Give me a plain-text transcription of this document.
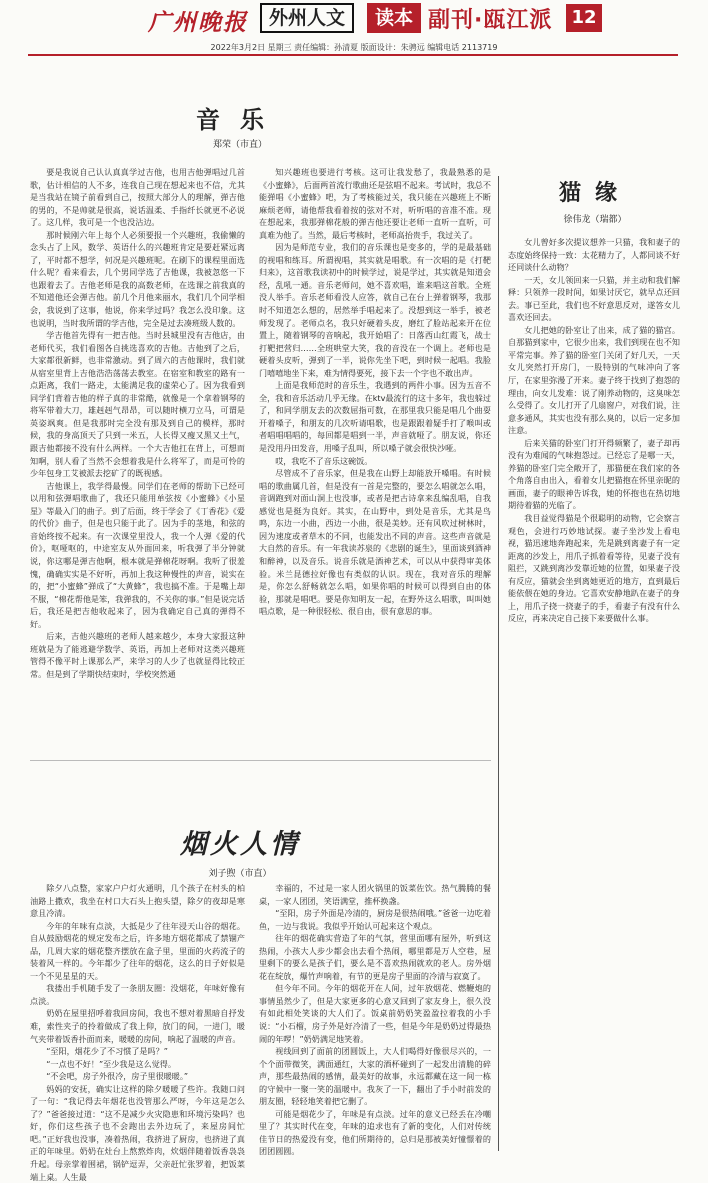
广州晚报	外州人文	读本 副刊·瓯江派	12
2022年3月2日 星期三 责任编辑：孙清夏 版面设计：朱骋远 编辑电话 2113719
音乐
郑荣（市直）

要是我说自己认认真真学过吉他，也用吉他弹唱过几首歌，估计相信的人不多，连我自己现在想起来也不信，尤其是当我站在镜子前看到自己，按照大部分人的理解，弹吉他的男的，不是帅就是很高，说话温柔、手指纤长就更不必说了。这几样，我可是一个也没沾边。

那时候刚六年上每个人必须要报一个兴趣班，我偷懒的念头占了上风，数学、英语什么的兴趣班肯定是要赶紧远离了，平时都不想学，何况是兴趣班呢。在刷下的课程里面选什么呢？看来看去，几个男同学选了吉他课，我被忽悠一下也跟着去了。吉他老师是我的高数老师，在选课之前我真的不知道他还会弹吉他。前几个月他来丽水，我们几个同学相会，我说到了这事，他说，你来学过吗？我怎么没印象。这也说明，当时我所谓的学吉他，完全是过去凑班级人数的。

学吉他首先得有一把吉他。当时县城里没有吉他店，由老师代买，我们看图各自挑选喜欢的吉他。吉他到了之后，大家都很新鲜，也非常激动。到了周六的吉他课时，我们就从宿室里背上吉他浩浩荡荡去教室。在宿室和教室的路有一点距离，我们一路走，太能满足我的虚荣心了。因为我看到同学们背着吉他的样子真的非常酷，就像是一个拿着钢琴的将军带着大刀，雄赳赳气昂昂，可以随时横刀立马，可谓是英姿飒爽。但是我那时完全没有那及到自己的模样，那时候，我的身高顶天了只到一米五，人长得又瘦又黑又土气，跟吉他都接不没有什么两样。一个大吉他扛在背上，可想而知啊，别人看了当然不会想着我是什么将军了，而是可怜的少年包身工艾被派去挖矿了的既视感。

吉他课上，我学得最慢。同学们在老师的帮助下已经可以用和弦弹唱歌曲了，我还只能用单弦按《小蜜蜂》《小星星》等最入门的曲子。到了后面，终于学会了《丁香花》《爱的代价》曲子，但是也只能于此了。因为手的茎地，和弦的音始终按不起来。有一次课堂里没人，我一个人弹《爱的代价》，呕哑呕的，中途室友从外面回来，听我弹了半分钟就说，你这哪是弹吉他啊，根本就是弹棉花呀啊。我听了很羞愧，确确实实是不好听，再加上我这种慢性的声音，说实在的，把“小蜜蜂”弹成了“大黄蜂”，我也搞不准。于是嘴上却不服，“棉花帮他是笨，我弹我的，不关你的事。”但是说完话后，我还是把吉他收起来了，因为我确定自己真的弹得不好。

后来，吉他兴趣班的老师人越来越少，本身大家报这种班就是为了能逃避学数学、英语，再加上老师对这类兴趣班管得不像平时上课那么严，来学习的人少了也就显得比较正常。但是到了学期快结束时，学校突然通

知兴趣班也要进行考核。这可让我发愁了，我最熟悉的是《小蜜蜂》，后面两首流行歌曲还是弦唱不起来。考试时，我总不能弹唱《小蜜蜂》吧，为了考核能过关，我只能在兴趣班上不断麻烦老师，请他帮我看着按的弦对不对，听听唱的音准不准。现在想起来，我那弹棉花般的弹吉他还要让老师一直听一直听，可真难为他了。当然，最后考核时，老师高抬贵手，我过关了。

因为是师范专业，我们的音乐课也是变多的，学的是最基础的视唱和练耳。所谓视唱，其实就是唱歌。有一次唱的是《打靶归来》，这首歌我读初中的时候学过，说是学过，其实就是知道会经，乱吼一通。音乐老师问，她不喜欢唱，谁来唱这首歌。全班没人举手。音乐老师看没人应答，就自己在台上弹着钢琴，我那时不知道怎么想的，居然举手唱起来了。没想到这一举手，被老师发现了。老师点名，我只好硬着头皮，磨红了脸站起来开在位置上，随着钢琴的音响起，我开始唱了：日落西山红霞飞，战士打靶把营归……全班哄堂大笑，我的音没在一个调上。老师也是硬着头皮听，弹到了一半，说你先坐下吧，到时候一起唱。我脸门嘻嘻地坐下来，难为情得要死，接下去一个字也不敢出声。

上面是我师范时的音乐生，我遇到的两件小事。因为五音不全，我和音乐活动几乎无缘。在ktv最流行的这十多年，我也躲过了，和同学朋友去的次数屈指可数，在那里我只能是唱几个曲耍开着嗓子，和朋友的几次听请唱歌，也是跟跟着疑手打了喉叫或者唱唱唱唱的，每回都是唱到一半，声音就哑了。朋友说，你还是没用丹田发音，用嗓子乱叫，所以嗓子就会很快沙哑。

哎，我吃不了音乐这碗饭。

尽管成不了音乐家，但是我在山野上却能放开嗓唱。有时候唱的歌曲属几首，但是没有一首是完整的，要怎么唱就怎么唱，音调跑到对面山洞上也没事，或者是把古诗拿来乱编乱唱，自我感觉也是挺为良好。其实，在山野中，到处是音乐，尤其是鸟鸣，东边一小曲，西边一小曲，很是美妙。还有风吹过树林时，因为速度或者草木的不同，也能发出不同的声音。这些声音就是大自然的音乐。有一年我读苏泉的《悲剧的诞生》，里面谈到酒神和醉神，以及音乐。说音乐就是酒神艺术，可以从中获得审美体验。米兰昆德拉好像也有类似的认识。现在，我对音乐的理解是，你怎么舒畅就怎么唱，如果你唱的时候可以得到自由的体验，那就是唱吧。要是你知明友一起，在野外这么唱歌，叫叫她唱点歌，是一种很轻松、很自由，很有意思的事。

烟火人情
刘子煦（市直）

除夕八点整，家家户户灯火通明，几个孩子在村头的柏油路上撒欢，我坐在村口大石头上抱头望，除夕的夜却是寒意且冷清。

今年的年味有点淡，大抵是少了往年浸天山谷的烟花。自从鼓励烟花的规定发布之后，许多地方烟花都成了禁锢产品，几周大家的烟花整齐摆放在盒子里，里面的火药流子的装着风一样的。今年都少了往年的烟花，这么的日子好似是一个不见星星的天。

我搂出手机随手发了一条朋友圈：没烟花，年味好像有点淡。

奶奶在屋里招呼着我回房间，我也不想对着黑暗自抒发难，索性夹子的拎着做成了我上仰，放门的间，一进门，暖气夹带着饭香扑面而来，暖暖的房间，响起了温暖的声音。

“至阳，烟花少了不习惯了是吗？”

“一点也不好！”至少我是这么觉得。

“不会吧，房子外很冷，房子里很暖暖。”

妈妈的安抚，确实让这样的除夕暖暖了些许。我随口问了一句：“我记得去年烟花也没管那么严呀，今年这是怎么了？”爸爸接过道：“这不是减少火灾隐患和环境污染吗？也好，你们这些孩子也不会跑出去外边玩了，来屋房间忙吧。”正好我也没事，凑着热闹，我挤进了厨房，也挤进了真正的年味里。奶奶在灶台上熬熬炸肉，炊烟伴随着饭香袅袅升起。母亲掌着围裙，锅铲逗弄，父亲赶忙张罗着，把饭菜端上桌。人生最

幸福的，不过是一家人团火锅里的饭菜佐饮。热气腾腾的餐桌，一家人团团，笑语满堂，推杯换盏。

“至阳，房子外面是冷清的，厨房是很热闹哦。”爸爸一边吃着鱼，一边与我说。我似乎开始认可起来这个观点。

往年的烟花确实营造了年的气氛，营里面哪有屋外，听到这热闹，小孩大人步少都会出去看个热闹，哪里都是万人空巷，屋里剩下的要么是孩子们，要么是不喜欢热闹就欢的老人。房外烟花在绽放，爆竹声响着，有节的更是房子里面的冷清与寂寞了。

但今年不同。今年的烟花开在人间，过年放烟花、燃鞭炮的事情虽然少了，但是大家更多的心意又回到了家友身上，很久没有如此相处笑谈的大人们了。饭桌前奶奶笑盈盈拉着我的小手说：“小石榴，房子外是好冷清了一些，但是今年是奶奶过得最热闹的年啰！”奶奶满足地笑着。

视线回到了面前的团圆饭上，大人们喝得好像很尽兴的，一个个面带微笑，满面通红，大家的酒杯碰到了一起发出清脆的碎声，那些最热闹的感情，最美好的故事，永远都藏在这一间一栋的守候中一聚一笑的温暖中。我灰了一下，翻出了手小时前发的朋友圈，轻轻地笑着把它删了。

可能是烟花少了，年味是有点淡。过年的意义已经丢在冷嘲里了？其实时代在变，年味的追求也有了新的变化，人们对传统佳节日的热爱没有变，他们所期待的，总归是那被美好憧憬着的团团圆圆。

猫缘
徐伟龙（瑞都）

女儿曾好多次提议想养一只猫，我和妻子的态度始终保持一致：太花精力了，人都同谈不好还同谈什么动物？

一天，女儿领回来一只猫，并主动和我们解释：只领养一段时间，如果讨厌它，就早点还回去。事已至此，我们也不好意思反对，遂答女儿喜欢还回去。

女儿把她的卧室让了出来，成了猫的猫宫。自那猫到家中，它很少出来，我们到现在也不知平常完事。养了猫的卧室门关闭了好几天，一天女儿突然打开房门，一股特别的气味冲向了客厅，在家里弥漫了开来。妻子终于找到了抱怨的理由，向女儿发难：说了刚养动物的，这臭味怎么受得了。女儿打开了几扇窗户，对我们说，注意多通风，其实也没有那么臭的，以后一定多加注意。

后来关猫的卧室门打开得频繁了，妻子却再没有为难闻的气味抱怨过。已经忘了是哪一天，养猫的卧室门完全敞开了，那猫便在我们家的各个角落自由出入，看着女儿把猫抱在怀里亲昵的画面，妻子的眼神告诉我，她的怀抱也在热切地期待着猫的光临了。

我目益觉得猫是个很聪明的动物，它会察言观色，会进行巧妙地试探。妻子坐沙发上看电视，猫迅速地奔跑起来，先是跳到离妻子有一定距离的沙发上，用爪子抓着看等待，见妻子没有阻拦，又跳到离沙发靠近她的位置，如果妻子没有反应，猫就会坐到离她更近的地方，直到最后能依偎在她的身边。它喜欢安静地趴在妻子的身上，用爪子挠一挠妻子的手，看妻子有没有什么反应，再来决定自己接下来要做什么事。
